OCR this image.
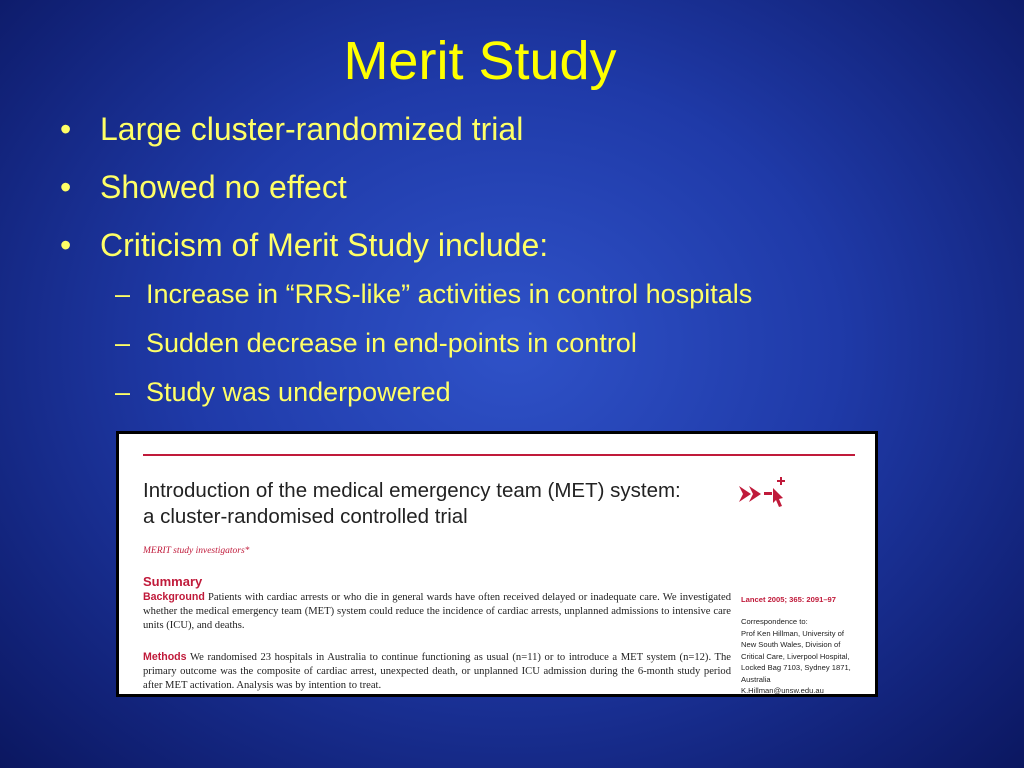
Merit Study
• Large cluster-randomized trial
• Showed no effect
• Criticism of Merit Study include:
– Increase in “RRS-like” activities in control hospitals
– Sudden decrease in end-points in control
– Study was underpowered
Introduction of the medical emergency team (MET) system:
a cluster-randomised controlled trial
MERIT study investigators*
Summary
Background Patients with cardiac arrests or who die in general wards have often received delayed or inadequate care. We investigated whether the medical emergency team (MET) system could reduce the incidence of cardiac arrests, unplanned admissions to intensive care units (ICU), and deaths.
Methods We randomised 23 hospitals in Australia to continue functioning as usual (n=11) or to introduce a MET system (n=12). The primary outcome was the composite of cardiac arrest, unexpected death, or unplanned ICU admission during the 6-month study period after MET activation. Analysis was by intention to treat.
Lancet 2005; 365: 2091–97
Correspondence to:
Prof Ken Hillman, University of
New South Wales, Division of
Critical Care, Liverpool Hospital,
Locked Bag 7103, Sydney 1871,
Australia
K.Hillman@unsw.edu.au
